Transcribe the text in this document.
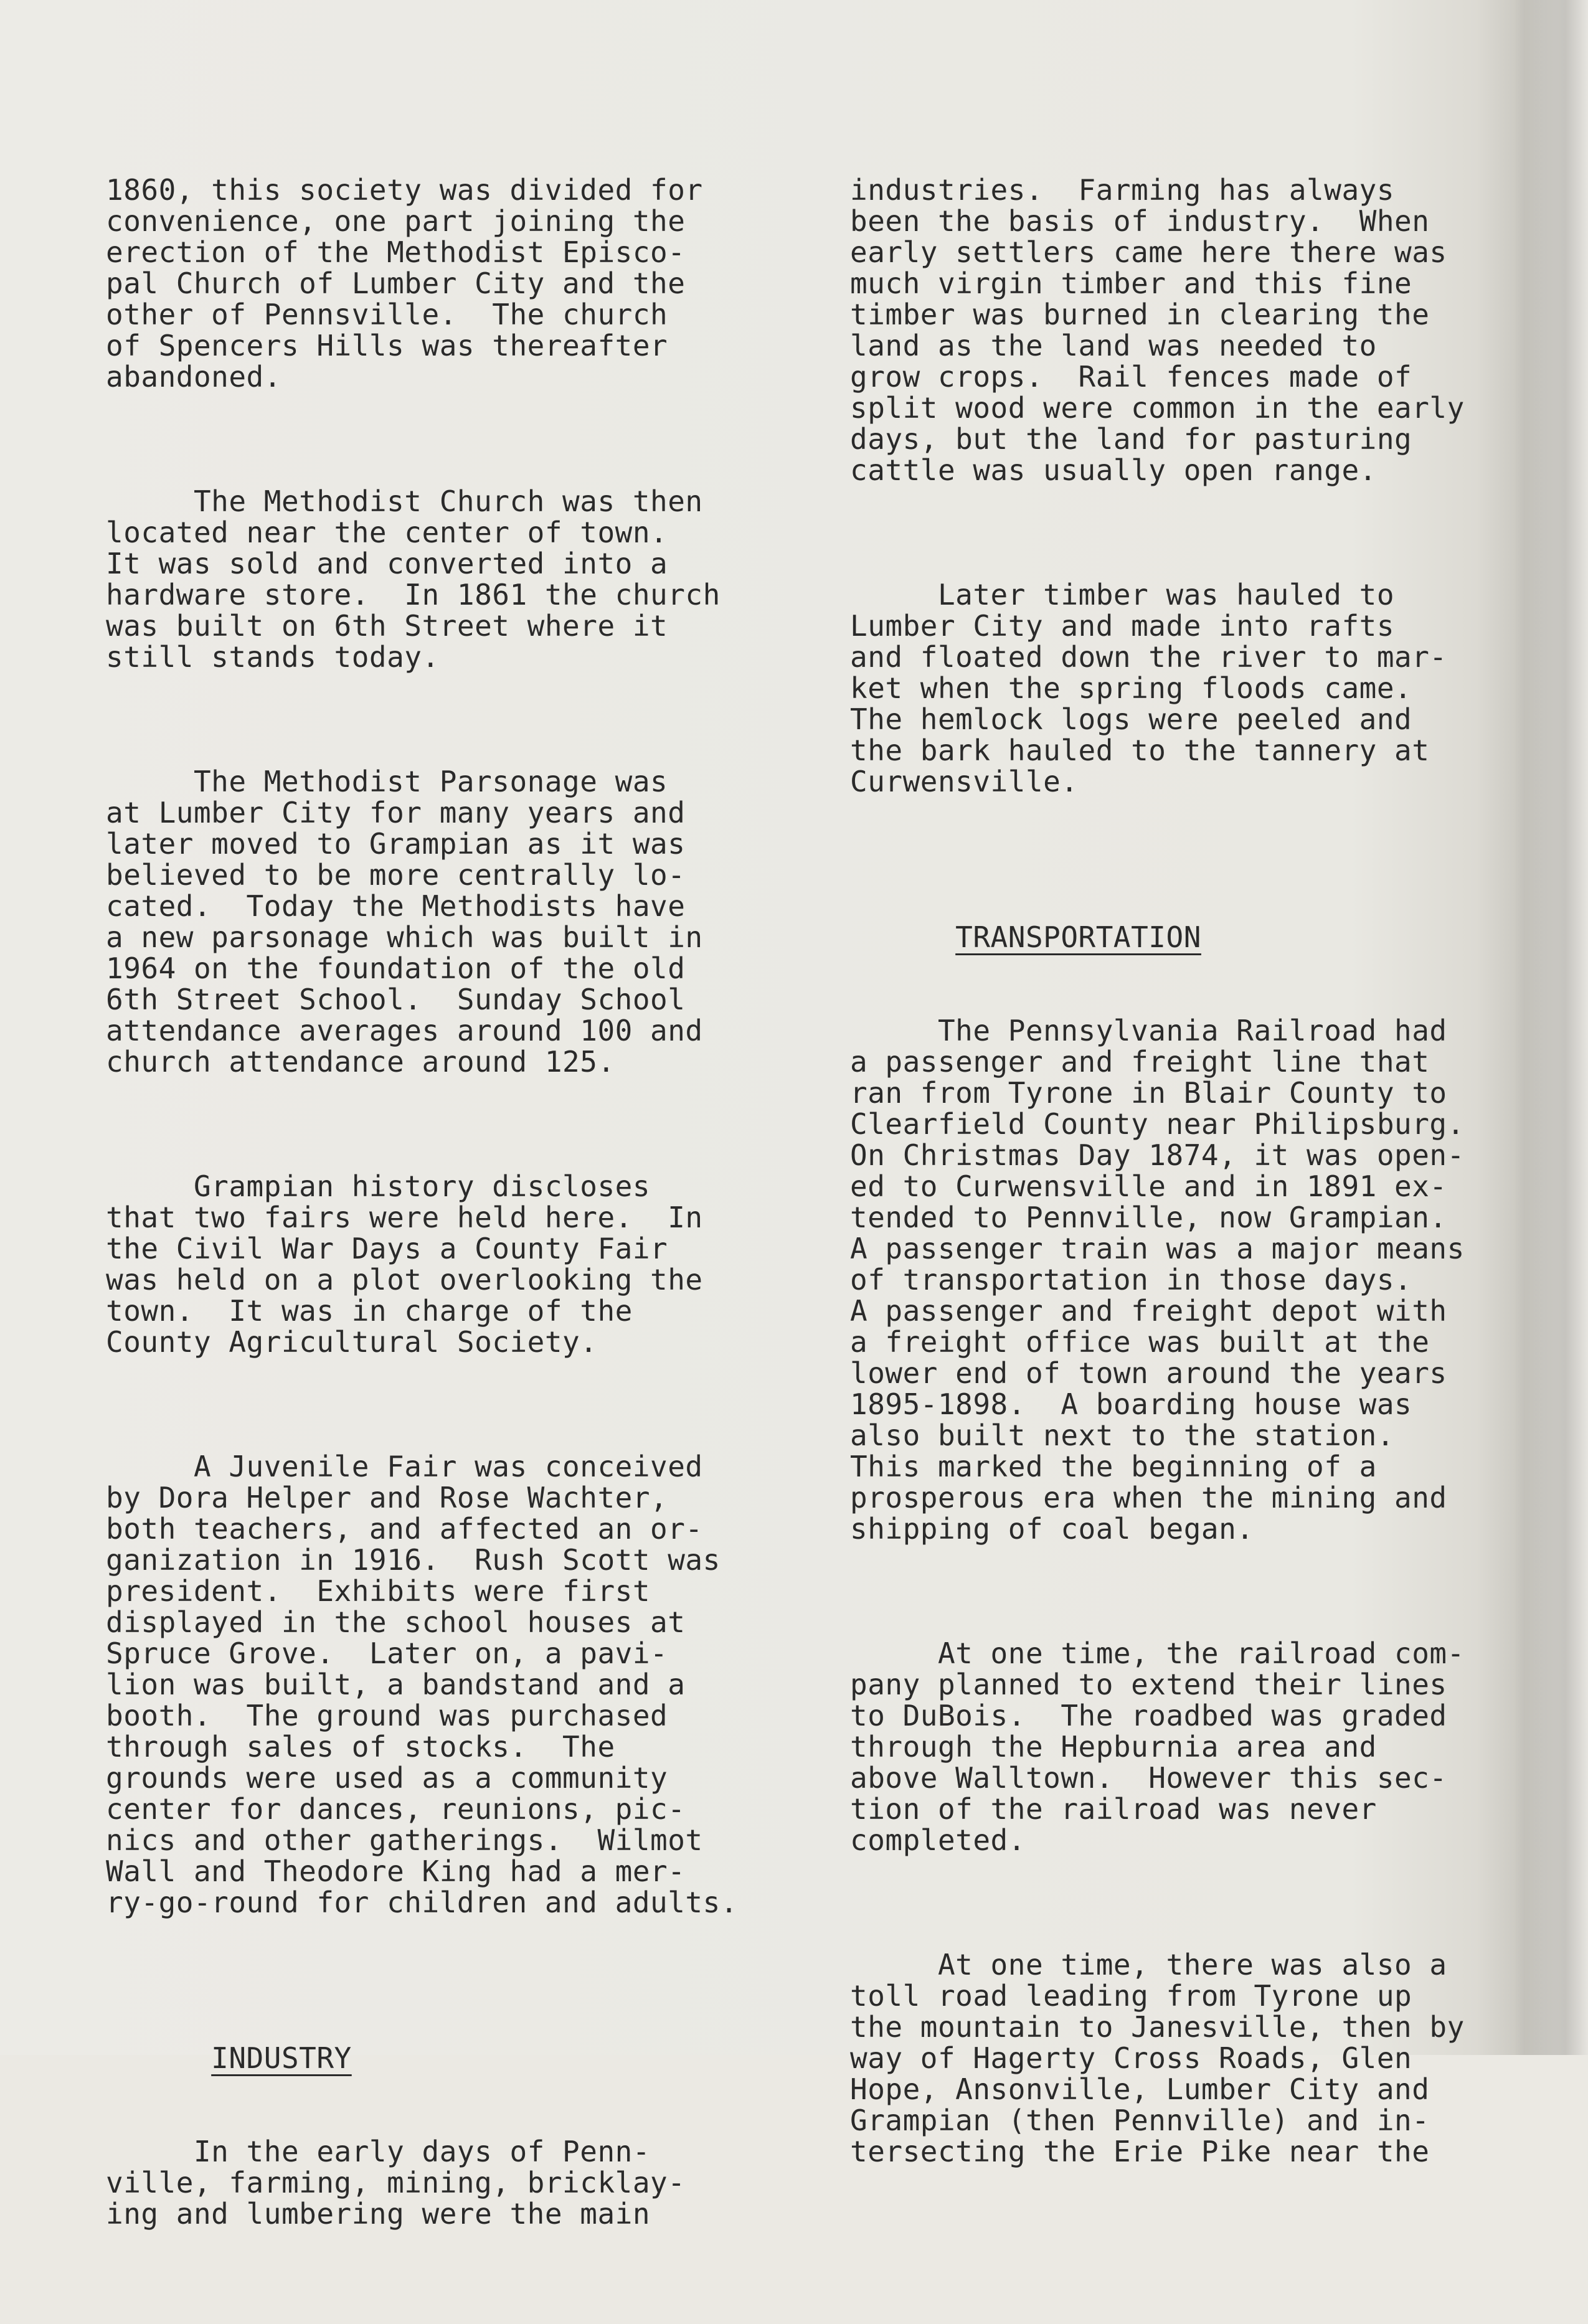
1860, this society was divided for
convenience, one part joining the
erection of the Methodist Episco-
pal Church of Lumber City and the
other of Pennsville.  The church
of Spencers Hills was thereafter
abandoned.

The Methodist Church was then
located near the center of town.
It was sold and converted into a
hardware store.  In 1861 the church
was built on 6th Street where it
still stands today.

The Methodist Parsonage was
at Lumber City for many years and
later moved to Grampian as it was
believed to be more centrally lo-
cated.  Today the Methodists have
a new parsonage which was built in
1964 on the foundation of the old
6th Street School.  Sunday School
attendance averages around 100 and
church attendance around 125.

Grampian history discloses
that two fairs were held here.  In
the Civil War Days a County Fair
was held on a plot overlooking the
town.  It was in charge of the
County Agricultural Society.

A Juvenile Fair was conceived
by Dora Helper and Rose Wachter,
both teachers, and affected an or-
ganization in 1916.  Rush Scott was
president.  Exhibits were first
displayed in the school houses at
Spruce Grove.  Later on, a pavi-
lion was built, a bandstand and a
booth.  The ground was purchased
through sales of stocks.  The
grounds were used as a community
center for dances, reunions, pic-
nics and other gatherings.  Wilmot
Wall and Theodore King had a mer-
ry-go-round for children and adults.

INDUSTRY

In the early days of Penn-
ville, farming, mining, bricklay-
ing and lumbering were the main

industries.  Farming has always
been the basis of industry.  When
early settlers came here there was
much virgin timber and this fine
timber was burned in clearing the
land as the land was needed to
grow crops.  Rail fences made of
split wood were common in the early
days, but the land for pasturing
cattle was usually open range.

Later timber was hauled to
Lumber City and made into rafts
and floated down the river to mar-
ket when the spring floods came.
The hemlock logs were peeled and
the bark hauled to the tannery at
Curwensville.

TRANSPORTATION

The Pennsylvania Railroad had
a passenger and freight line that
ran from Tyrone in Blair County to
Clearfield County near Philipsburg.
On Christmas Day 1874, it was open-
ed to Curwensville and in 1891 ex-
tended to Pennville, now Grampian.
A passenger train was a major means
of transportation in those days.
A passenger and freight depot with
a freight office was built at the
lower end of town around the years
1895-1898.  A boarding house was
also built next to the station.
This marked the beginning of a
prosperous era when the mining and
shipping of coal began.

At one time, the railroad com-
pany planned to extend their lines
to DuBois.  The roadbed was graded
through the Hepburnia area and
above Walltown.  However this sec-
tion of the railroad was never
completed.

At one time, there was also a
toll road leading from Tyrone up
the mountain to Janesville, then by
way of Hagerty Cross Roads, Glen
Hope, Ansonville, Lumber City and
Grampian (then Pennville) and in-
tersecting the Erie Pike near the
